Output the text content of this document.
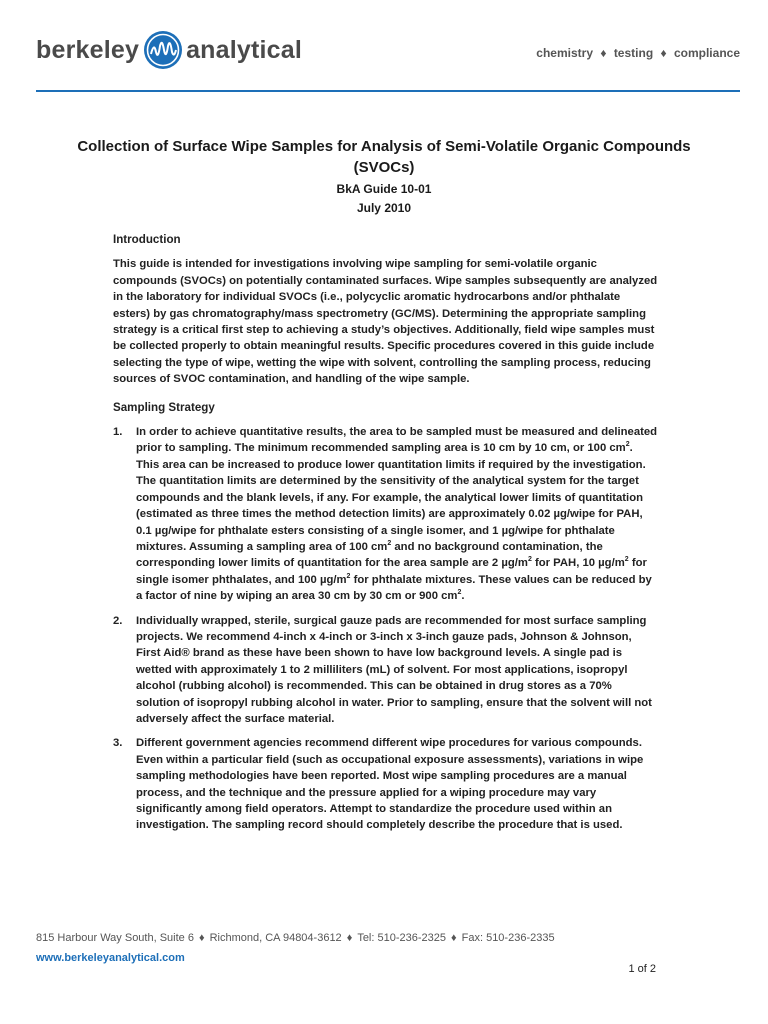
berkeley analytical	chemistry ♦ testing ♦ compliance
Collection of Surface Wipe Samples for Analysis of Semi-Volatile Organic Compounds (SVOCs)
BkA Guide 10-01
July 2010
Introduction
This guide is intended for investigations involving wipe sampling for semi-volatile organic compounds (SVOCs) on potentially contaminated surfaces. Wipe samples subsequently are analyzed in the laboratory for individual SVOCs (i.e., polycyclic aromatic hydrocarbons and/or phthalate esters) by gas chromatography/mass spectrometry (GC/MS). Determining the appropriate sampling strategy is a critical first step to achieving a study’s objectives. Additionally, field wipe samples must be collected properly to obtain meaningful results. Specific procedures covered in this guide include selecting the type of wipe, wetting the wipe with solvent, controlling the sampling process, reducing sources of SVOC contamination, and handling of the wipe sample.
Sampling Strategy
1. In order to achieve quantitative results, the area to be sampled must be measured and delineated prior to sampling. The minimum recommended sampling area is 10 cm by 10 cm, or 100 $cm^2$. This area can be increased to produce lower quantitation limits if required by the investigation. The quantitation limits are determined by the sensitivity of the analytical system for the target compounds and the blank levels, if any. For example, the analytical lower limits of quantitation (estimated as three times the method detection limits) are approximately 0.02 µg/wipe for PAH, 0.1 µg/wipe for phthalate esters consisting of a single isomer, and 1 µg/wipe for phthalate mixtures. Assuming a sampling area of 100 $cm^2$ and no background contamination, the corresponding lower limits of quantitation for the area sample are 2 $\mu g/m^2$ for PAH, 10 $\mu g/m^2$ for single isomer phthalates, and 100 $\mu g/m^2$ for phthalate mixtures. These values can be reduced by a factor of nine by wiping an area 30 cm by 30 cm or 900 $cm^2$.
2. Individually wrapped, sterile, surgical gauze pads are recommended for most surface sampling projects. We recommend 4-inch x 4-inch or 3-inch x 3-inch gauze pads, Johnson & Johnson, First Aid® brand as these have been shown to have low background levels. A single pad is wetted with approximately 1 to 2 milliliters (mL) of solvent. For most applications, isopropyl alcohol (rubbing alcohol) is recommended. This can be obtained in drug stores as a 70% solution of isopropyl rubbing alcohol in water. Prior to sampling, ensure that the solvent will not adversely affect the surface material.
3. Different government agencies recommend different wipe procedures for various compounds. Even within a particular field (such as occupational exposure assessments), variations in wipe sampling methodologies have been reported. Most wipe sampling procedures are a manual process, and the technique and the pressure applied for a wiping procedure may vary significantly among field operators. Attempt to standardize the procedure used within an investigation. The sampling record should completely describe the procedure that is used.
815 Harbour Way South, Suite 6 ♦ Richmond, CA 94804-3612 ♦ Tel: 510-236-2325 ♦ Fax: 510-236-2335
www.berkeleyanalytical.com
1 of 2
